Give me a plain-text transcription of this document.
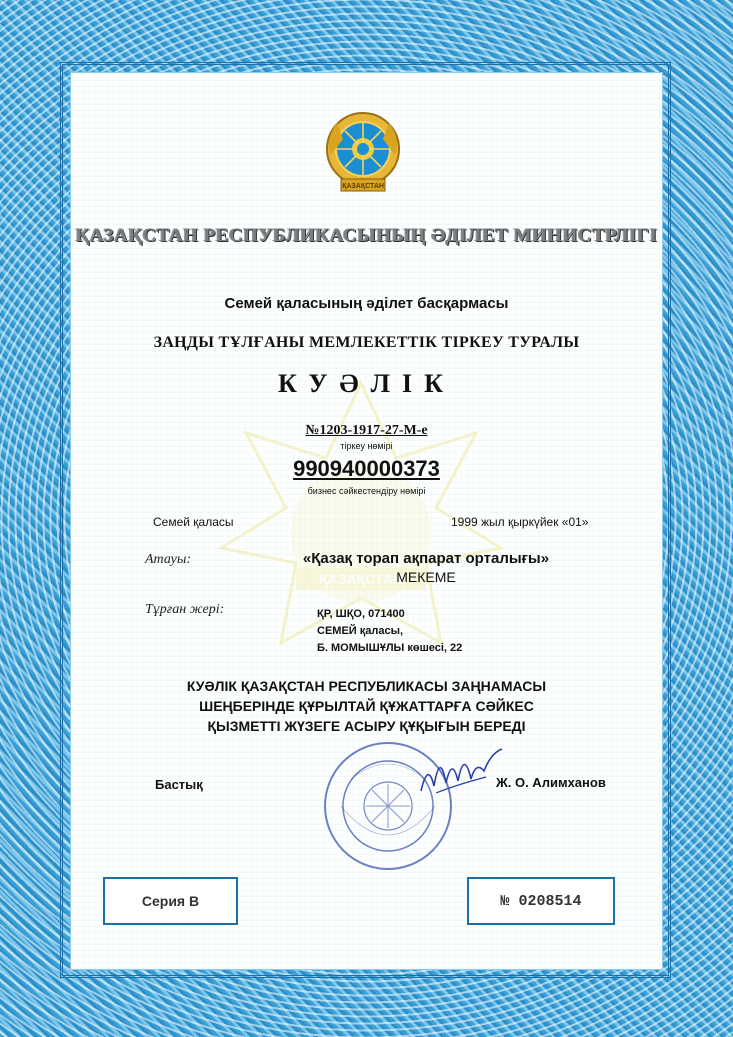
ҚАЗАҚСТАН
ҚАЗАҚСТАН
ҚАЗАҚСТАН РЕСПУБЛИКАСЫНЫҢ ӘДІЛЕТ МИНИСТРЛІГІ
Семей қаласының әділет басқармасы
ЗАҢДЫ ТҰЛҒАНЫ МЕМЛЕКЕТТІК ТІРКЕУ ТУРАЛЫ
КУӘЛІК
№1203-1917-27-М-е
тіркеу нөмірі
990940000373
бизнес сәйкестендіру нөмірі
Семей қаласы	1999 жыл қыркүйек «01»
Атауы:	«Қазақ торап ақпарат орталығы»
МЕКЕМЕ
Тұрған жері:	ҚР, ШҚО, 071400
СЕМЕЙ қаласы,
Б. МОМЫШҰЛЫ көшесі, 22
КУӘЛІК ҚАЗАҚСТАН РЕСПУБЛИКАСЫ ЗАҢНАМАСЫ
ШЕҢБЕРІНДЕ ҚҰРЫЛТАЙ ҚҰЖАТТАРҒА СӘЙКЕС
ҚЫЗМЕТТІ ЖҮЗЕГЕ АСЫРУ ҚҰҚЫҒЫН БЕРЕДІ
Бастық	Ж. О. Алимханов
Серия В	№ 0208514
